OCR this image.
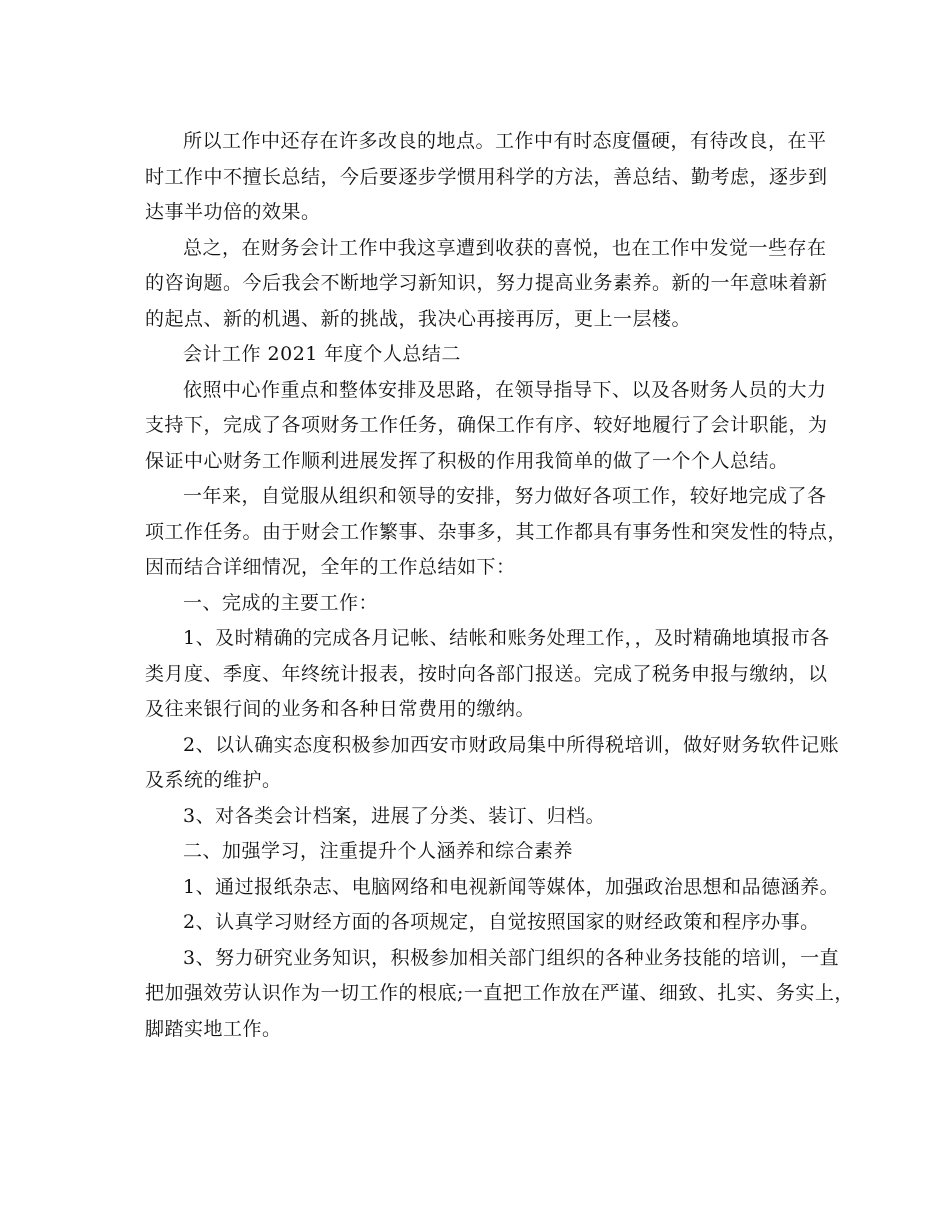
所以工作中还存在许多改良的地点。工作中有时态度僵硬，有待改良，在平
时工作中不擅长总结，今后要逐步学惯用科学的方法，善总结、勤考虑，逐步到
达事半功倍的效果。
总之，在财务会计工作中我这享遭到收获的喜悦，也在工作中发觉一些存在
的咨询题。今后我会不断地学习新知识，努力提高业务素养。新的一年意味着新
的起点、新的机遇、新的挑战，我决心再接再厉，更上一层楼。
会计工作 2021 年度个人总结二
依照中心作重点和整体安排及思路，在领导指导下、以及各财务人员的大力
支持下，完成了各项财务工作任务，确保工作有序、较好地履行了会计职能，为
保证中心财务工作顺利进展发挥了积极的作用我简单的做了一个个人总结。
一年来，自觉服从组织和领导的安排，努力做好各项工作，较好地完成了各
项工作任务。由于财会工作繁事、杂事多，其工作都具有事务性和突发性的特点，
因而结合详细情况，全年的工作总结如下：
一、完成的主要工作：
1、及时精确的完成各月记帐、结帐和账务处理工作，，及时精确地填报市各
类月度、季度、年终统计报表，按时向各部门报送。完成了税务申报与缴纳，以
及往来银行间的业务和各种日常费用的缴纳。
2、以认确实态度积极参加西安市财政局集中所得税培训，做好财务软件记账
及系统的维护。
3、对各类会计档案，进展了分类、装订、归档。
二、加强学习，注重提升个人涵养和综合素养
1、通过报纸杂志、电脑网络和电视新闻等媒体，加强政治思想和品德涵养。
2、认真学习财经方面的各项规定，自觉按照国家的财经政策和程序办事。
3、努力研究业务知识，积极参加相关部门组织的各种业务技能的培训，一直
把加强效劳认识作为一切工作的根底;一直把工作放在严谨、细致、扎实、务实上，
脚踏实地工作。
